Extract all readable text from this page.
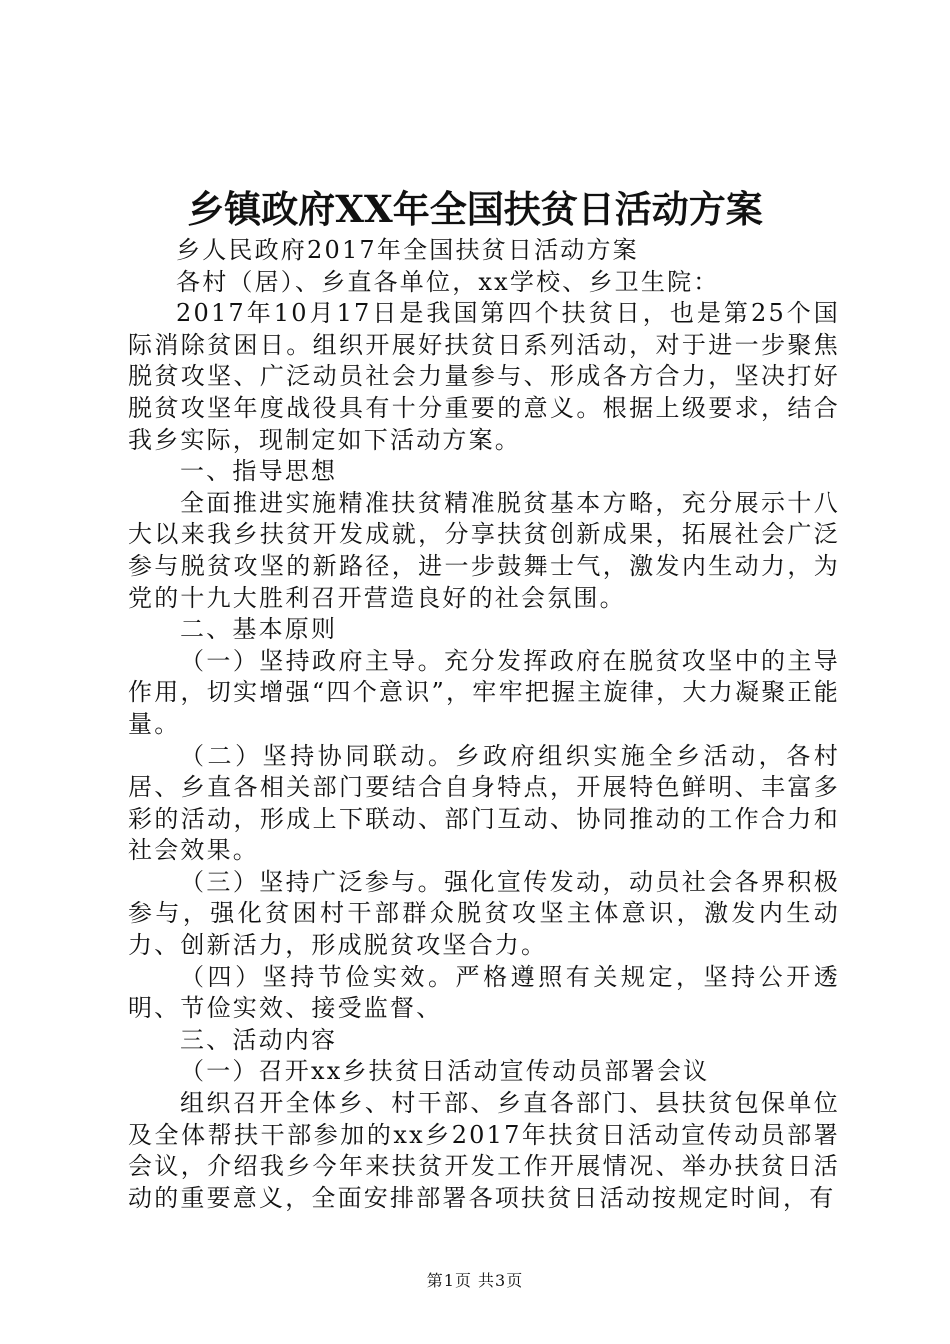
乡镇政府XX年全国扶贫日活动方案

乡人民政府2017年全国扶贫日活动方案

各村（居）、乡直各单位，xx学校、乡卫生院：

2017年10月17日是我国第四个扶贫日，也是第25个国际消除贫困日。组织开展好扶贫日系列活动，对于进一步聚焦脱贫攻坚、广泛动员社会力量参与、形成各方合力，坚决打好脱贫攻坚年度战役具有十分重要的意义。根据上级要求，结合我乡实际，现制定如下活动方案。

一、指导思想

全面推进实施精准扶贫精准脱贫基本方略，充分展示十八大以来我乡扶贫开发成就，分享扶贫创新成果，拓展社会广泛参与脱贫攻坚的新路径，进一步鼓舞士气，激发内生动力，为党的十九大胜利召开营造良好的社会氛围。

二、基本原则

（一）坚持政府主导。充分发挥政府在脱贫攻坚中的主导作用，切实增强“四个意识”，牢牢把握主旋律，大力凝聚正能量。

（二）坚持协同联动。乡政府组织实施全乡活动，各村居、乡直各相关部门要结合自身特点，开展特色鲜明、丰富多彩的活动，形成上下联动、部门互动、协同推动的工作合力和社会效果。

（三）坚持广泛参与。强化宣传发动，动员社会各界积极参与，强化贫困村干部群众脱贫攻坚主体意识，激发内生动力、创新活力，形成脱贫攻坚合力。

（四）坚持节俭实效。严格遵照有关规定，坚持公开透明、节俭实效、接受监督、

三、活动内容

（一）召开xx乡扶贫日活动宣传动员部署会议

组织召开全体乡、村干部、乡直各部门、县扶贫包保单位及全体帮扶干部参加的xx乡2017年扶贫日活动宣传动员部署会议，介绍我乡今年来扶贫开发工作开展情况、举办扶贫日活动的重要意义，全面安排部署各项扶贫日活动按规定时间，有

第1页 共3页
